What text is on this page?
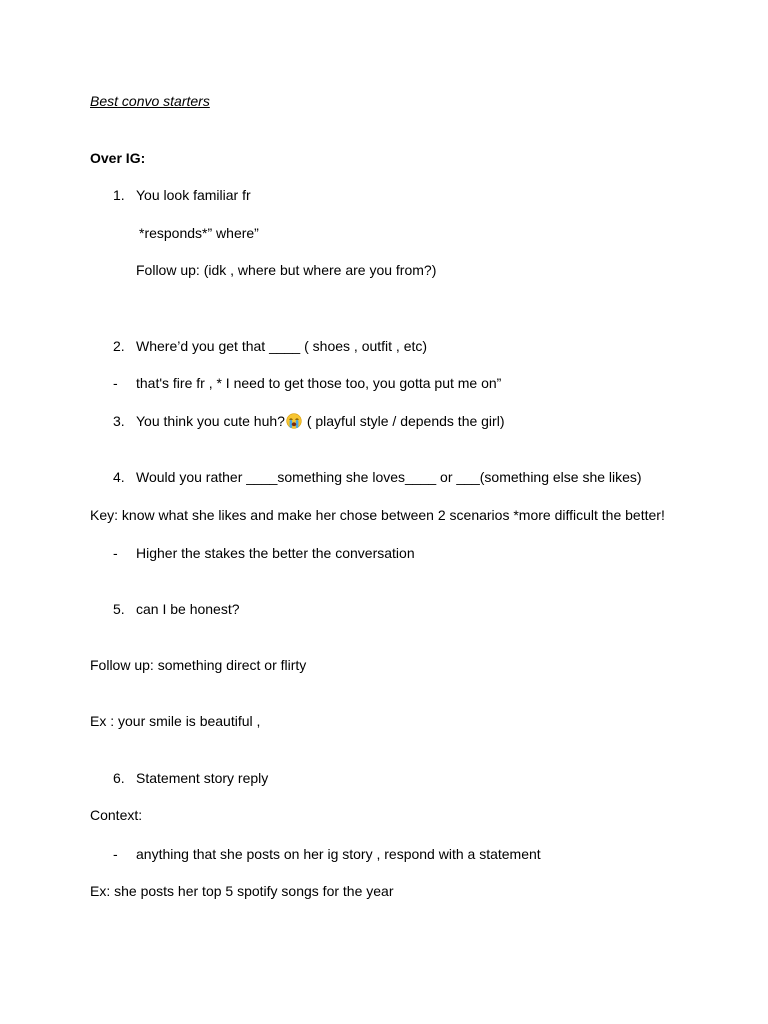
Best convo starters
Over IG:
1. You look familiar fr
*responds*” where”
Follow up: (idk , where but where are you from?)
2. Where’d you get that ____ ( shoes , outfit , etc)
- that's fire fr , * I need to get those too, you gotta put me on”
3. You think you cute huh? ( playful style / depends the girl)
4. Would you rather ____something she loves____ or ___(something else she likes)
Key: know what she likes and make her chose between 2 scenarios *more difficult the better!
- Higher the stakes the better the conversation
5. can I be honest?
Follow up: something direct or flirty
Ex : your smile is beautiful ,
6. Statement story reply
Context:
- anything that she posts on her ig story , respond with a statement
Ex: she posts her top 5 spotify songs for the year
